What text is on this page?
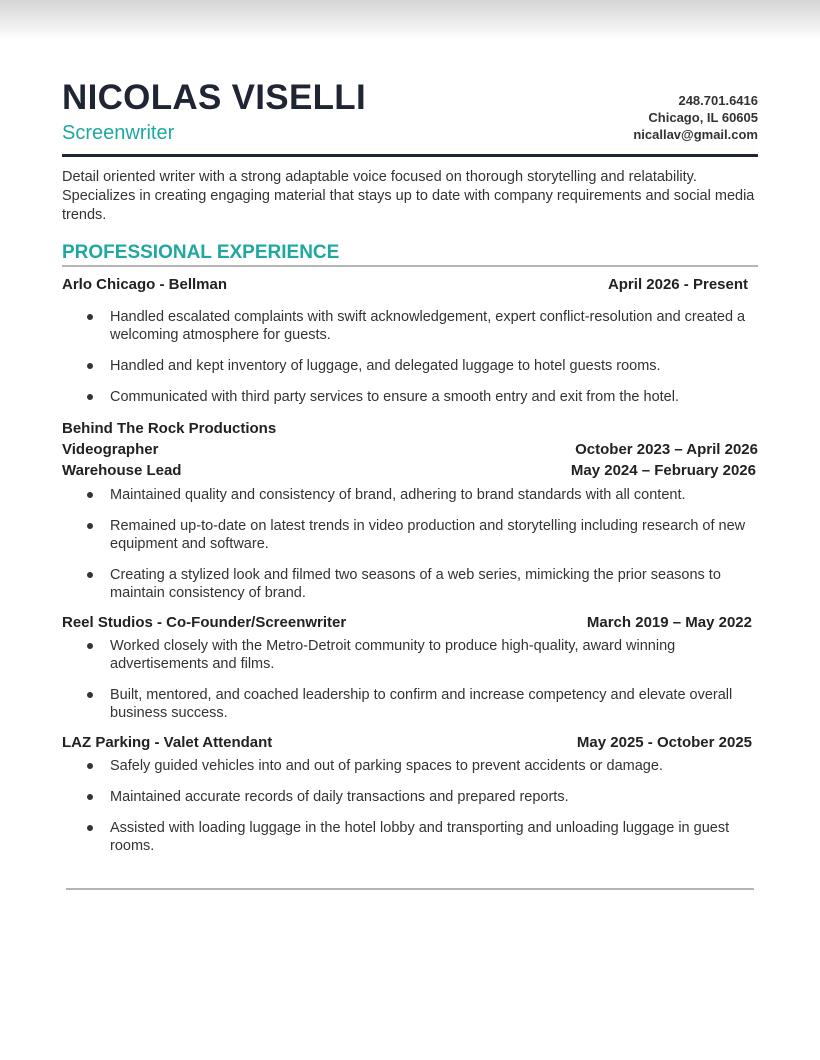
NICOLAS VISELLI
Screenwriter
248.701.6416
Chicago, IL 60605
nicallav@gmail.com
Detail oriented writer with a strong adaptable voice focused on thorough storytelling and relatability. Specializes in creating engaging material that stays up to date with company requirements and social media trends.
PROFESSIONAL EXPERIENCE
Arlo Chicago - Bellman	April 2026 - Present
Handled escalated complaints with swift acknowledgement, expert conflict-resolution and created a welcoming atmosphere for guests.
Handled and kept inventory of luggage, and delegated luggage to hotel guests rooms.
Communicated with third party services to ensure a smooth entry and exit from the hotel.
Behind The Rock Productions
Videographer	October 2023 – April 2026
Warehouse Lead	May 2024 – February 2026
Maintained quality and consistency of brand, adhering to brand standards with all content.
Remained up-to-date on latest trends in video production and storytelling including research of new equipment and software.
Creating a stylized look and filmed two seasons of a web series, mimicking the prior seasons to maintain consistency of brand.
Reel Studios - Co-Founder/Screenwriter	March 2019 – May 2022
Worked closely with the Metro-Detroit community to produce high-quality, award winning advertisements and films.
Built, mentored, and coached leadership to confirm and increase competency and elevate overall business success.
LAZ Parking - Valet Attendant	May 2025 - October 2025
Safely guided vehicles into and out of parking spaces to prevent accidents or damage.
Maintained accurate records of daily transactions and prepared reports.
Assisted with loading luggage in the hotel lobby and transporting and unloading luggage in guest rooms.
